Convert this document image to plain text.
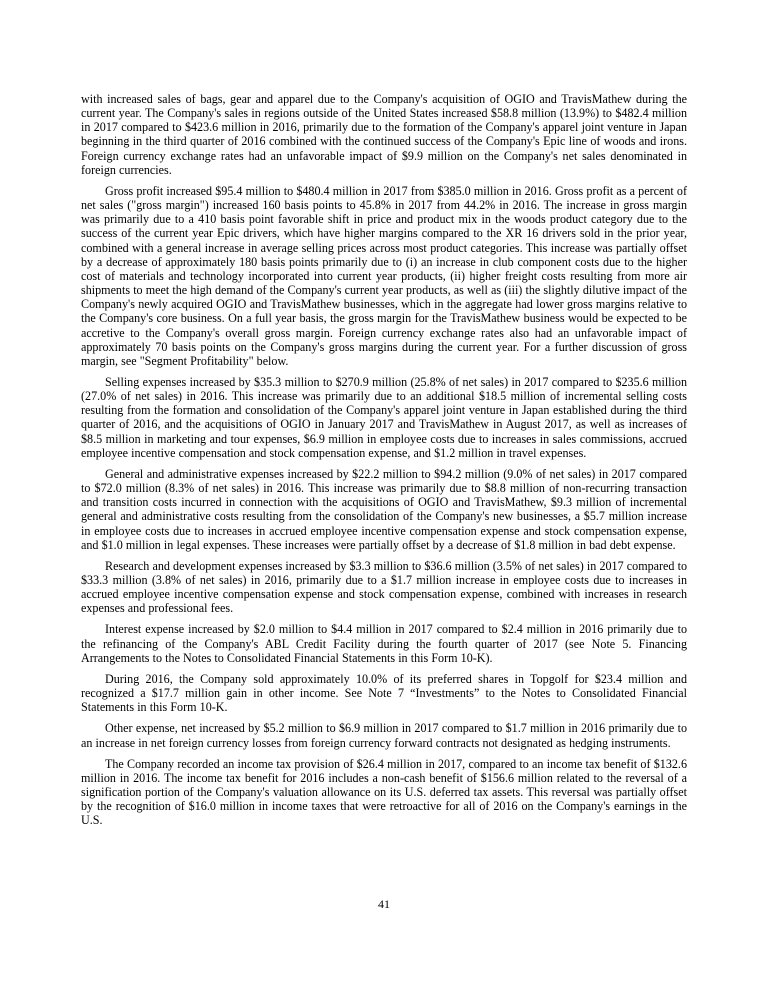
with increased sales of bags, gear and apparel due to the Company's acquisition of OGIO and TravisMathew during the current year. The Company's sales in regions outside of the United States increased $58.8 million (13.9%) to $482.4 million in 2017 compared to $423.6 million in 2016, primarily due to the formation of the Company's apparel joint venture in Japan beginning in the third quarter of 2016 combined with the continued success of the Company's Epic line of woods and irons. Foreign currency exchange rates had an unfavorable impact of $9.9 million on the Company's net sales denominated in foreign currencies.

Gross profit increased $95.4 million to $480.4 million in 2017 from $385.0 million in 2016. Gross profit as a percent of net sales ("gross margin") increased 160 basis points to 45.8% in 2017 from 44.2% in 2016. The increase in gross margin was primarily due to a 410 basis point favorable shift in price and product mix in the woods product category due to the success of the current year Epic drivers, which have higher margins compared to the XR 16 drivers sold in the prior year, combined with a general increase in average selling prices across most product categories. This increase was partially offset by a decrease of approximately 180 basis points primarily due to (i) an increase in club component costs due to the higher cost of materials and technology incorporated into current year products, (ii) higher freight costs resulting from more air shipments to meet the high demand of the Company's current year products, as well as (iii) the slightly dilutive impact of the Company's newly acquired OGIO and TravisMathew businesses, which in the aggregate had lower gross margins relative to the Company's core business. On a full year basis, the gross margin for the TravisMathew business would be expected to be accretive to the Company's overall gross margin. Foreign currency exchange rates also had an unfavorable impact of approximately 70 basis points on the Company's gross margins during the current year. For a further discussion of gross margin, see "Segment Profitability" below.

Selling expenses increased by $35.3 million to $270.9 million (25.8% of net sales) in 2017 compared to $235.6 million (27.0% of net sales) in 2016. This increase was primarily due to an additional $18.5 million of incremental selling costs resulting from the formation and consolidation of the Company's apparel joint venture in Japan established during the third quarter of 2016, and the acquisitions of OGIO in January 2017 and TravisMathew in August 2017, as well as increases of $8.5 million in marketing and tour expenses, $6.9 million in employee costs due to increases in sales commissions, accrued employee incentive compensation and stock compensation expense, and $1.2 million in travel expenses.

General and administrative expenses increased by $22.2 million to $94.2 million (9.0% of net sales) in 2017 compared to $72.0 million (8.3% of net sales) in 2016. This increase was primarily due to $8.8 million of non-recurring transaction and transition costs incurred in connection with the acquisitions of OGIO and TravisMathew, $9.3 million of incremental general and administrative costs resulting from the consolidation of the Company's new businesses, a $5.7 million increase in employee costs due to increases in accrued employee incentive compensation expense and stock compensation expense, and $1.0 million in legal expenses. These increases were partially offset by a decrease of $1.8 million in bad debt expense.

Research and development expenses increased by $3.3 million to $36.6 million (3.5% of net sales) in 2017 compared to $33.3 million (3.8% of net sales) in 2016, primarily due to a $1.7 million increase in employee costs due to increases in accrued employee incentive compensation expense and stock compensation expense, combined with increases in research expenses and professional fees.

Interest expense increased by $2.0 million to $4.4 million in 2017 compared to $2.4 million in 2016 primarily due to the refinancing of the Company's ABL Credit Facility during the fourth quarter of 2017 (see Note 5. Financing Arrangements to the Notes to Consolidated Financial Statements in this Form 10-K).

During 2016, the Company sold approximately 10.0% of its preferred shares in Topgolf for $23.4 million and recognized a $17.7 million gain in other income. See Note 7 “Investments” to the Notes to Consolidated Financial Statements in this Form 10-K.

Other expense, net increased by $5.2 million to $6.9 million in 2017 compared to $1.7 million in 2016 primarily due to an increase in net foreign currency losses from foreign currency forward contracts not designated as hedging instruments.

The Company recorded an income tax provision of $26.4 million in 2017, compared to an income tax benefit of $132.6 million in 2016. The income tax benefit for 2016 includes a non-cash benefit of $156.6 million related to the reversal of a signification portion of the Company's valuation allowance on its U.S. deferred tax assets. This reversal was partially offset by the recognition of $16.0 million in income taxes that were retroactive for all of 2016 on the Company's earnings in the U.S.

41
